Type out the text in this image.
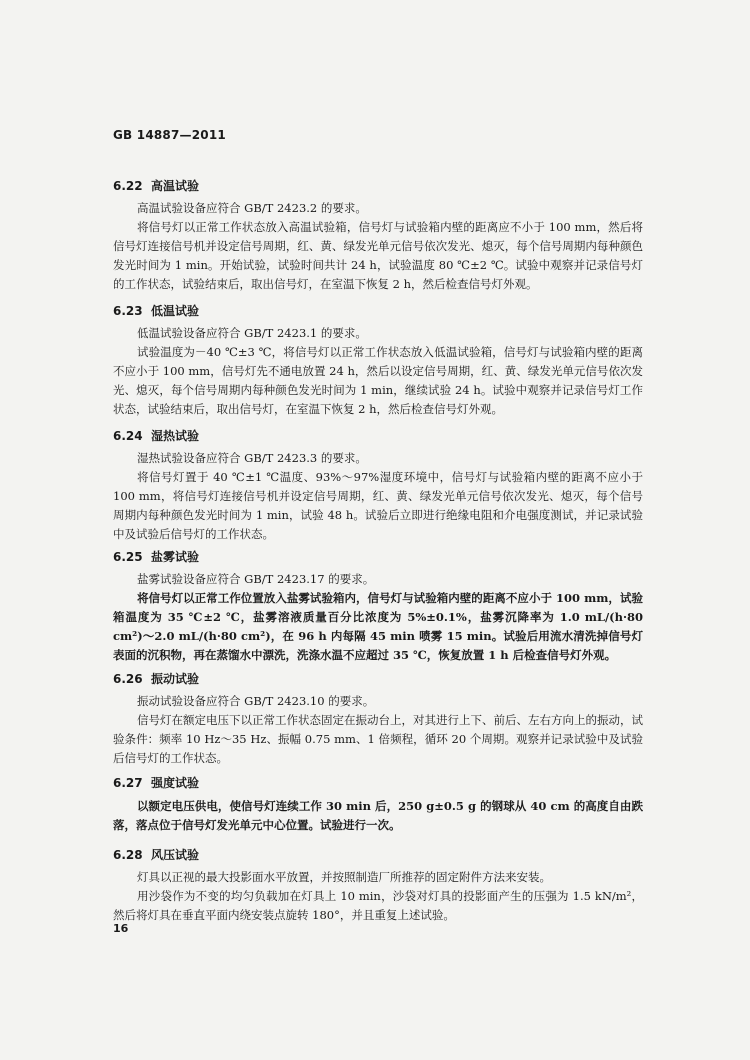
GB 14887—2011
6.22 高温试验

高温试验设备应符合 GB/T 2423.2 的要求。

将信号灯以正常工作状态放入高温试验箱，信号灯与试验箱内壁的距离应不小于 100 mm，然后将信号灯连接信号机并设定信号周期，红、黄、绿发光单元信号依次发光、熄灭，每个信号周期内每种颜色发光时间为 1 min。开始试验，试验时间共计 24 h，试验温度 80 ℃±2 ℃。试验中观察并记录信号灯的工作状态，试验结束后，取出信号灯，在室温下恢复 2 h，然后检查信号灯外观。

6.23 低温试验

低温试验设备应符合 GB/T 2423.1 的要求。

试验温度为－40 ℃±3 ℃，将信号灯以正常工作状态放入低温试验箱，信号灯与试验箱内壁的距离不应小于 100 mm，信号灯先不通电放置 24 h，然后以设定信号周期，红、黄、绿发光单元信号依次发光、熄灭，每个信号周期内每种颜色发光时间为 1 min，继续试验 24 h。试验中观察并记录信号灯工作状态，试验结束后，取出信号灯，在室温下恢复 2 h，然后检查信号灯外观。

6.24 湿热试验

湿热试验设备应符合 GB/T 2423.3 的要求。

将信号灯置于 40 ℃±1 ℃温度、93%～97%湿度环境中，信号灯与试验箱内壁的距离不应小于 100 mm，将信号灯连接信号机并设定信号周期，红、黄、绿发光单元信号依次发光、熄灭，每个信号周期内每种颜色发光时间为 1 min，试验 48 h。试验后立即进行绝缘电阻和介电强度测试，并记录试验中及试验后信号灯的工作状态。

6.25 盐雾试验

盐雾试验设备应符合 GB/T 2423.17 的要求。

将信号灯以正常工作位置放入盐雾试验箱内，信号灯与试验箱内壁的距离不应小于 100 mm，试验箱温度为 35 ℃±2 ℃，盐雾溶液质量百分比浓度为 5%±0.1%，盐雾沉降率为 1.0 mL/(h·80 cm²)～2.0 mL/(h·80 cm²)，在 96 h 内每隔 45 min 喷雾 15 min。试验后用流水清洗掉信号灯表面的沉积物，再在蒸馏水中漂洗，洗涤水温不应超过 35 ℃，恢复放置 1 h 后检查信号灯外观。

6.26 振动试验

振动试验设备应符合 GB/T 2423.10 的要求。

信号灯在额定电压下以正常工作状态固定在振动台上，对其进行上下、前后、左右方向上的振动，试验条件：频率 10 Hz～35 Hz、振幅 0.75 mm、1 倍频程，循环 20 个周期。观察并记录试验中及试验后信号灯的工作状态。

6.27 强度试验

以额定电压供电，使信号灯连续工作 30 min 后，250 g±0.5 g 的钢球从 40 cm 的高度自由跌落，落点位于信号灯发光单元中心位置。试验进行一次。

6.28 风压试验

灯具以正视的最大投影面水平放置，并按照制造厂所推荐的固定附件方法来安装。

用沙袋作为不变的均匀负载加在灯具上 10 min，沙袋对灯具的投影面产生的压强为 1.5 kN/m²，然后将灯具在垂直平面内绕安装点旋转 180°，并且重复上述试验。

16
